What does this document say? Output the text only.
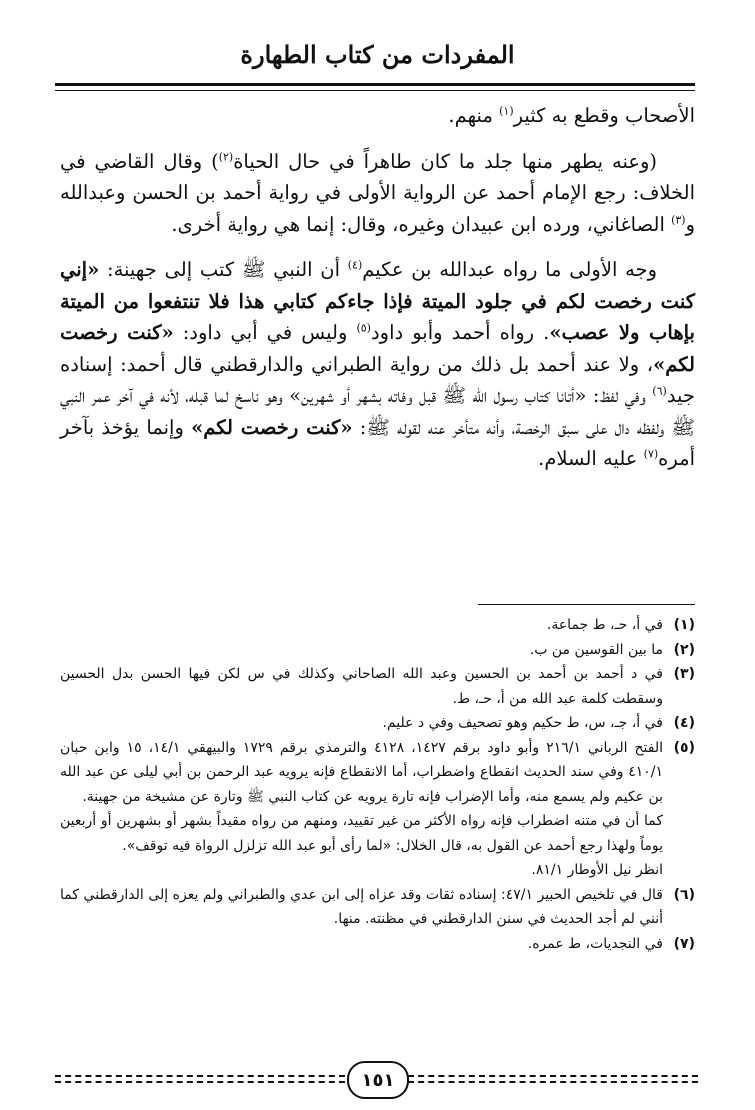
المفردات من كتاب الطهارة

الأصحاب وقطع به كثير$^{(١)}$ منهم.

(وعنه يطهر منها جلد ما كان طاهراً في حال الحياة$^{(٢)}$) وقال القاضي في الخلاف: رجع الإمام أحمد عن الرواية الأولى في رواية أحمد بن الحسن وعبدالله و$^{(٣)}$ الصاغاني، ورده ابن عبيدان وغيره، وقال: إنما هي رواية أخرى.

وجه الأولى ما رواه عبدالله بن عكيم$^{(٤)}$ أن النبي ﷺ كتب إلى جهينة: «إني كنت رخصت لكم في جلود الميتة فإذا جاءكم كتابي هذا فلا تنتفعوا من الميتة بإهاب ولا عصب». رواه أحمد وأبو داود$^{(٥)}$ وليس في أبي داود: «كنت رخصت لكم»، ولا عند أحمد بل ذلك من رواية الطبراني والدارقطني قال أحمد: إسناده جيد$^{(٦)}$ وفي لفظ: «أتانا كتاب رسول الله ﷺ قبل وفاته بشهر أو شهرين» وهو ناسخ لما قبله، لأنه في آخر عمر النبي ﷺ ولفظه دال على سبق الرخصة، وأنه متأخر عنه لقوله ﷺ: «كنت رخصت لكم» وإنما يؤخذ بآخر أمره$^{(٧)}$ عليه السلام.

(١)
في أ، حـ، ط جماعة.
(٢)
ما بين القوسين من ب.
(٣)
في د أحمد بن أحمد بن الحسين وعبد الله الصاحاني وكذلك في س لكن فيها الحسن بدل الحسين وسقطت كلمة عبد الله من أ، حـ، ط.
(٤)
في أ، جـ، س، ط حكيم وهو تصحيف وفي د عليم.
(٥)
الفتح الرباني ٢١٦/١ وأبو داود برقم ١٤٢٧، ٤١٢٨ والترمذي برقم ١٧٢٩ والبيهقي ١٤/١، ١٥ وابن حبان ٤١٠/١ وفي سند الحديث انقطاع واضطراب، أما الانقطاع فإنه يرويه عبد الرحمن بن أبي ليلى عن عبد الله بن عكيم ولم يسمع منه، وأما الإضراب فإنه تارة يرويه عن كتاب النبي ﷺ وتارة عن مشيخة من جهينة.
كما أن في متنه اضطراب فإنه رواه الأكثر من غير تقييد، ومنهم من رواه مقيداً بشهر أو بشهرين أو أربعين يوماً ولهذا رجع أحمد عن القول به، قال الخلال: «لما رأى أبو عبد الله تزلزل الرواة فيه توقف».
انظر نيل الأوطار ٨١/١.
(٦)
قال في تلخيص الحبير ٤٧/١: إسناده ثقات وقد عزاه إلى ابن عدي والطبراني ولم يعزه إلى الدارقطني كما أنني لم أجد الحديث في سنن الدارقطني في مظنته. منها.
(٧)
في النجديات، ط عمره.
١٥١
